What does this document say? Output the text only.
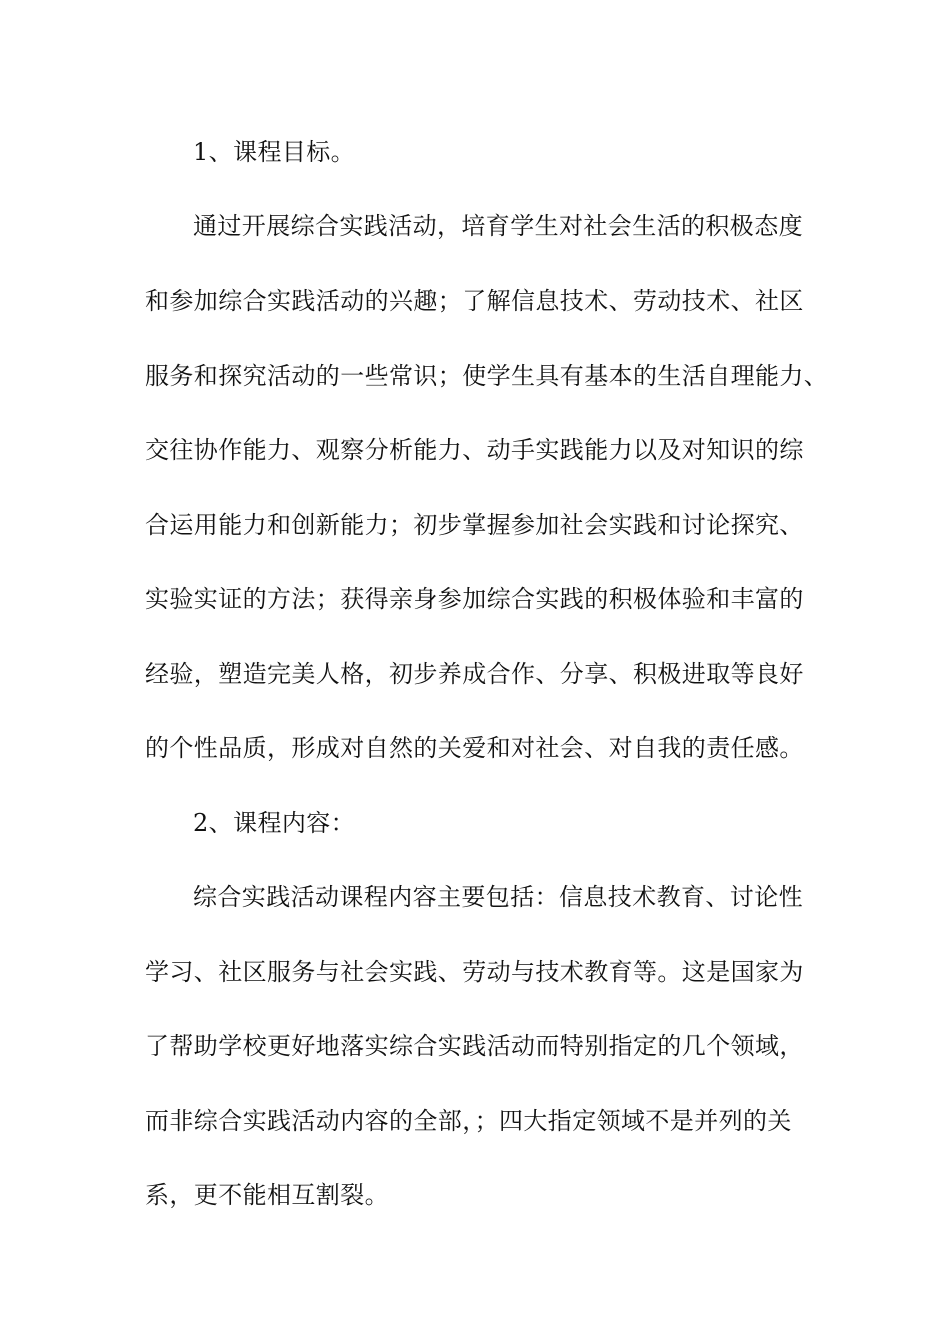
1、课程目标。
通过开展综合实践活动，培育学生对社会生活的积极态度
和参加综合实践活动的兴趣；了解信息技术、劳动技术、社区
服务和探究活动的一些常识；使学生具有基本的生活自理能力、
交往协作能力、观察分析能力、动手实践能力以及对知识的综
合运用能力和创新能力；初步掌握参加社会实践和讨论探究、
实验实证的方法；获得亲身参加综合实践的积极体验和丰富的
经验，塑造完美人格，初步养成合作、分享、积极进取等良好
的个性品质，形成对自然的关爱和对社会、对自我的责任感。
2、课程内容：
综合实践活动课程内容主要包括：信息技术教育、讨论性
学习、社区服务与社会实践、劳动与技术教育等。这是国家为
了帮助学校更好地落实综合实践活动而特别指定的几个领域，
而非综合实践活动内容的全部，；四大指定领域不是并列的关
系，更不能相互割裂。
